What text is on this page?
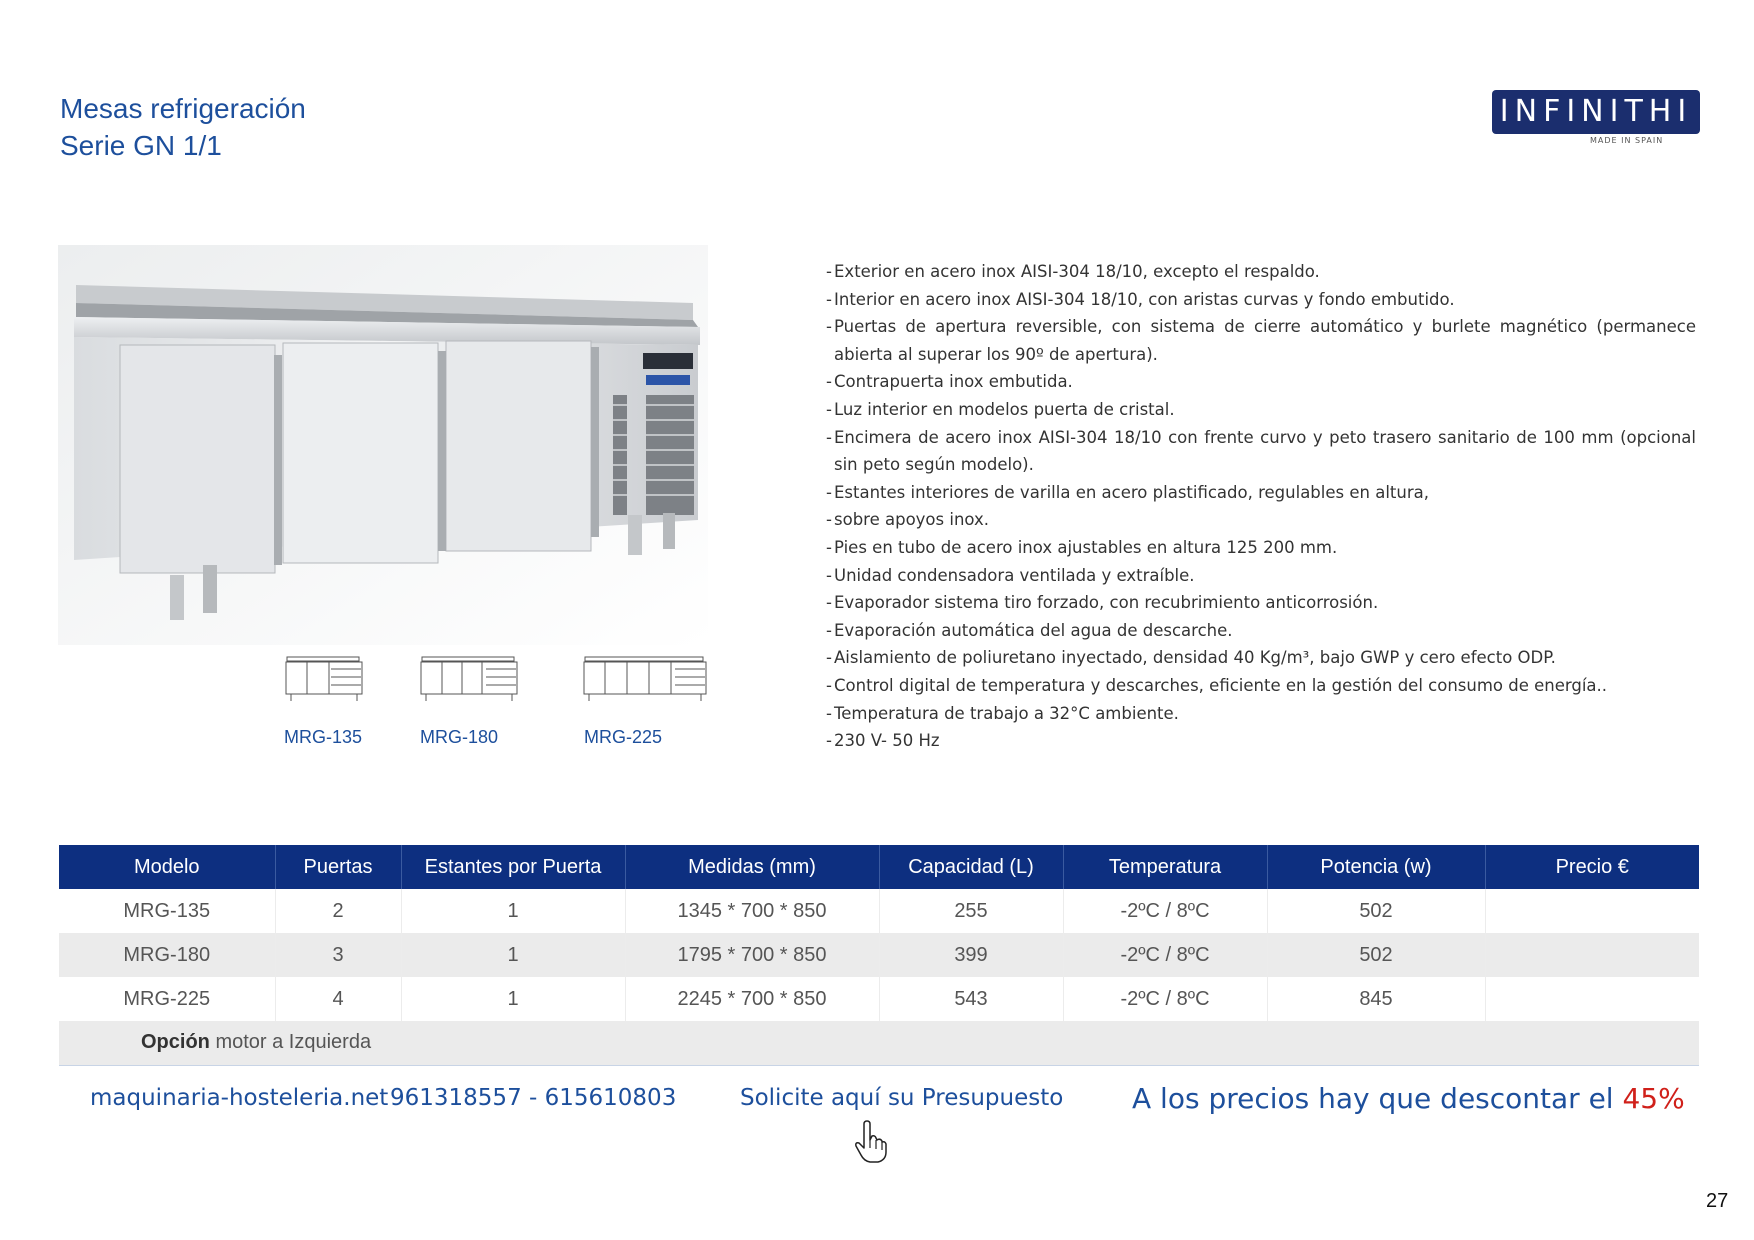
Mesas refrigeración
Serie GN 1/1
INFINITHI
MADE IN SPAIN
MRG-135	MRG-180	MRG-225
- Exterior en acero inox AISI-304 18/10, excepto el respaldo.
- Interior en acero inox AISI-304 18/10, con aristas curvas y fondo embutido.
- Puertas de apertura reversible, con sistema de cierre automático y burlete magnético (permanece abierta al superar los 90º de apertura).
- Contrapuerta inox embutida.
- Luz interior en modelos puerta de cristal.
- Encimera de acero inox AISI-304 18/10 con frente curvo y peto trasero sanitario de 100 mm (opcional sin peto según modelo).
- Estantes interiores de varilla en acero plastificado, regulables en altura,
- sobre apoyos inox.
- Pies en tubo de acero inox ajustables en altura 125 200 mm.
- Unidad condensadora ventilada y extraíble.
- Evaporador sistema tiro forzado, con recubrimiento anticorrosión.
- Evaporación automática del agua de descarche.
- Aislamiento de poliuretano inyectado, densidad 40 Kg/m³, bajo GWP y cero efecto ODP.
- Control digital de temperatura y descarches, eficiente en la gestión del consumo de energía..
- Temperatura de trabajo a 32°C ambiente.
- 230 V- 50 Hz
Modelo	Puertas	Estantes por Puerta	Medidas (mm)	Capacidad (L)	Temperatura	Potencia (w)	Precio €
MRG-135	2	1	1345 * 700 * 850	255	-2ºC / 8ºC	502	
MRG-180	3	1	1795 * 700 * 850	399	-2ºC / 8ºC	502	
MRG-225	4	1	2245 * 700 * 850	543	-2ºC / 8ºC	845	
Opción motor a Izquierda							
maquinaria-hosteleria.net 961318557 - 615610803	Solicite aquí su Presupuesto A los precios hay que descontar el 45%
27
